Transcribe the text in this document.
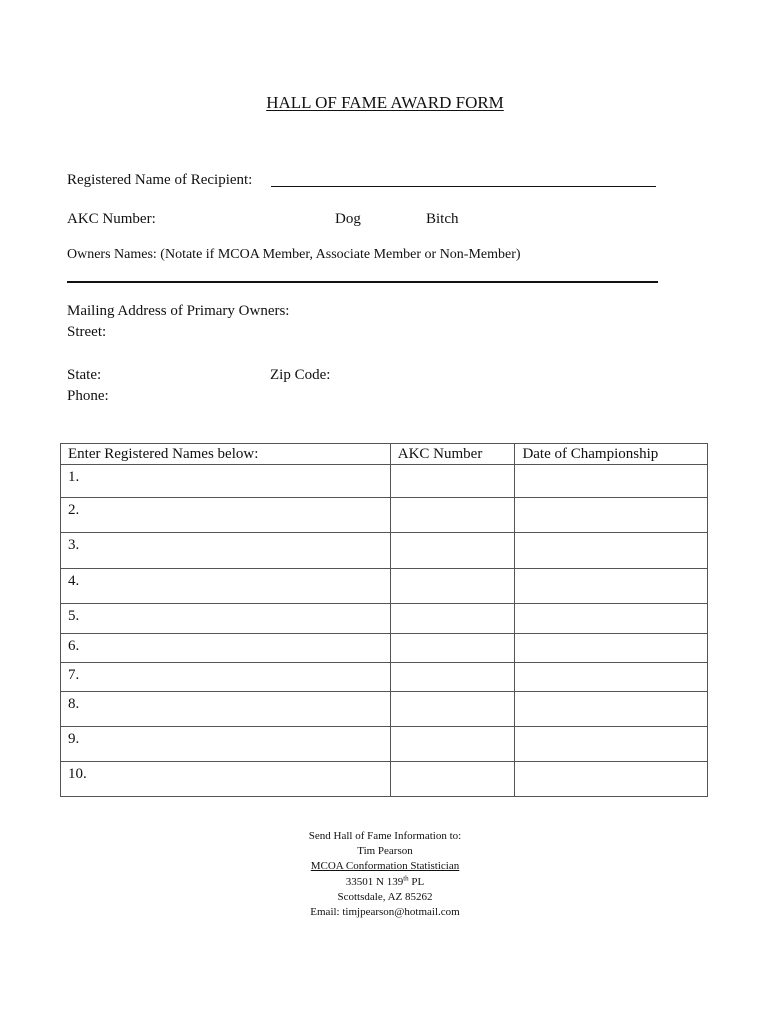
HALL OF FAME AWARD FORM
Registered Name of Recipient:
AKC Number:	Dog	Bitch
Owners Names: (Notate if MCOA Member, Associate Member or Non-Member)
Mailing Address of Primary Owners:
Street:
State:	Zip Code:
Phone:
Enter Registered Names below:	AKC Number	Date of Championship
1.		
2.		
3.		
4.		
5.		
6.		
7.		
8.		
9.		
10.		
Send Hall of Fame Information to:
Tim Pearson
MCOA Conformation Statistician
33501 N 139th PL
Scottsdale, AZ 85262
Email: timjpearson@hotmail.com
